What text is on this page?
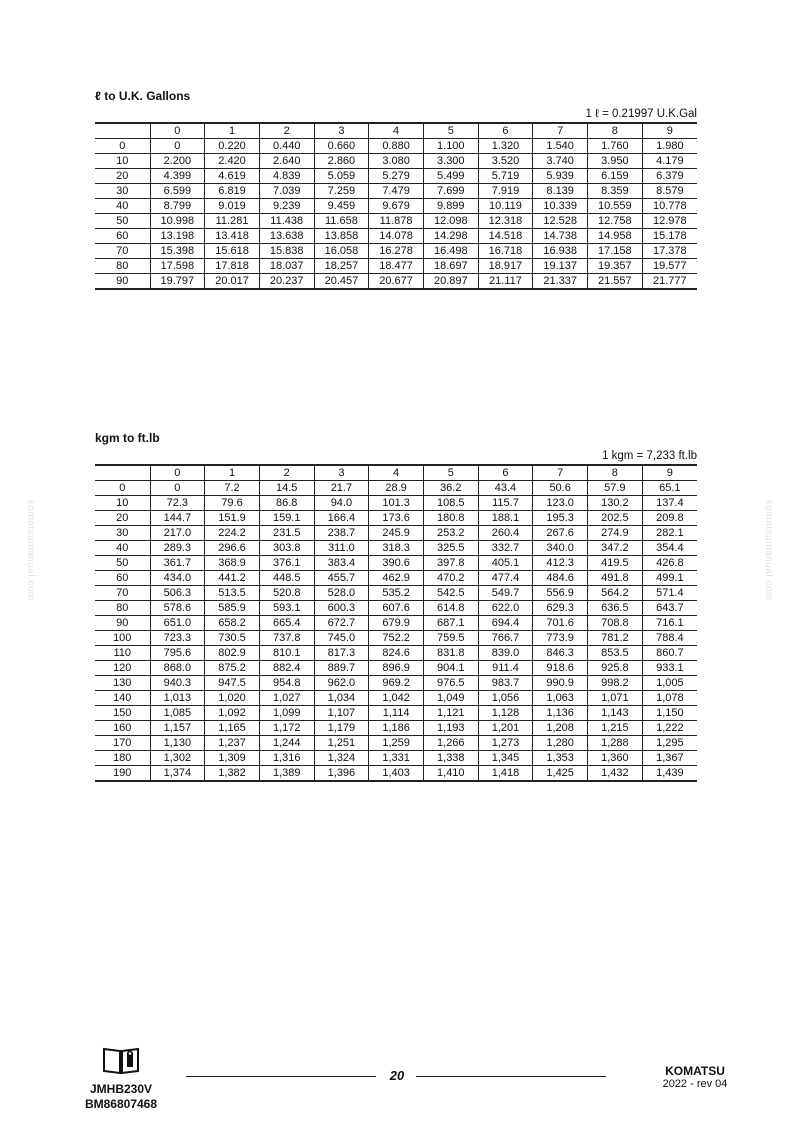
komatsumanual.com	komatsumanual.com

ℓ to U.K. Gallons

1 ℓ = 0.21997 U.K.Gal
	0	1	2	3	4	5	6	7	8	9
0	0	0.220	0.440	0.660	0.880	1.100	1.320	1.540	1.760	1.980
10	2.200	2.420	2.640	2.860	3.080	3.300	3.520	3.740	3.950	4.179
20	4.399	4.619	4.839	5.059	5.279	5.499	5.719	5.939	6.159	6.379
30	6.599	6.819	7.039	7.259	7.479	7.699	7.919	8.139	8.359	8.579
40	8.799	9.019	9.239	9.459	9.679	9.899	10.119	10.339	10.559	10.778
50	10.998	11.281	11.438	11.658	11.878	12.098	12.318	12.528	12.758	12.978
60	13.198	13.418	13.638	13.858	14.078	14.298	14.518	14.738	14.958	15.178
70	15.398	15.618	15.838	16.058	16.278	16.498	16.718	16.938	17.158	17.378
80	17.598	17.818	18.037	18.257	18.477	18.697	18.917	19.137	19.357	19.577
90	19.797	20.017	20.237	20.457	20.677	20.897	21.117	21.337	21.557	21.777

kgm to ft.lb

1 kgm = 7,233 ft.lb
	0	1	2	3	4	5	6	7	8	9
0	0	7.2	14.5	21.7	28.9	36.2	43.4	50.6	57.9	65.1
10	72.3	79.6	86.8	94.0	101.3	108.5	115.7	123.0	130.2	137.4
20	144.7	151.9	159.1	166.4	173.6	180.8	188.1	195.3	202.5	209.8
30	217.0	224.2	231.5	238.7	245.9	253.2	260.4	267.6	274.9	282.1
40	289.3	296.6	303.8	311.0	318.3	325.5	332.7	340.0	347.2	354.4
50	361.7	368.9	376.1	383.4	390.6	397.8	405.1	412.3	419.5	426.8
60	434.0	441.2	448.5	455.7	462.9	470.2	477.4	484.6	491.8	499.1
70	506.3	513.5	520.8	528.0	535.2	542.5	549.7	556.9	564.2	571.4
80	578.6	585.9	593.1	600.3	607.6	614.8	622.0	629.3	636.5	643.7
90	651.0	658.2	665.4	672.7	679.9	687.1	694.4	701.6	708.8	716.1
100	723.3	730.5	737.8	745.0	752.2	759.5	766.7	773.9	781.2	788.4
110	795.6	802.9	810.1	817.3	824.6	831.8	839.0	846.3	853.5	860.7
120	868.0	875.2	882.4	889.7	896.9	904.1	911.4	918.6	925.8	933.1
130	940.3	947.5	954.8	962.0	969.2	976.5	983.7	990.9	998.2	1,005
140	1,013	1,020	1,027	1,034	1,042	1,049	1,056	1,063	1,071	1,078
150	1,085	1,092	1,099	1,107	1,114	1,121	1,128	1,136	1,143	1,150
160	1,157	1,165	1,172	1,179	1,186	1,193	1,201	1,208	1,215	1,222
170	1,130	1,237	1,244	1,251	1,259	1,266	1,273	1,280	1,288	1,295
180	1,302	1,309	1,316	1,324	1,331	1,338	1,345	1,353	1,360	1,367
190	1,374	1,382	1,389	1,396	1,403	1,410	1,418	1,425	1,432	1,439
JMHB230V
BM86807468
20	KOMATSU
2022 - rev 04
